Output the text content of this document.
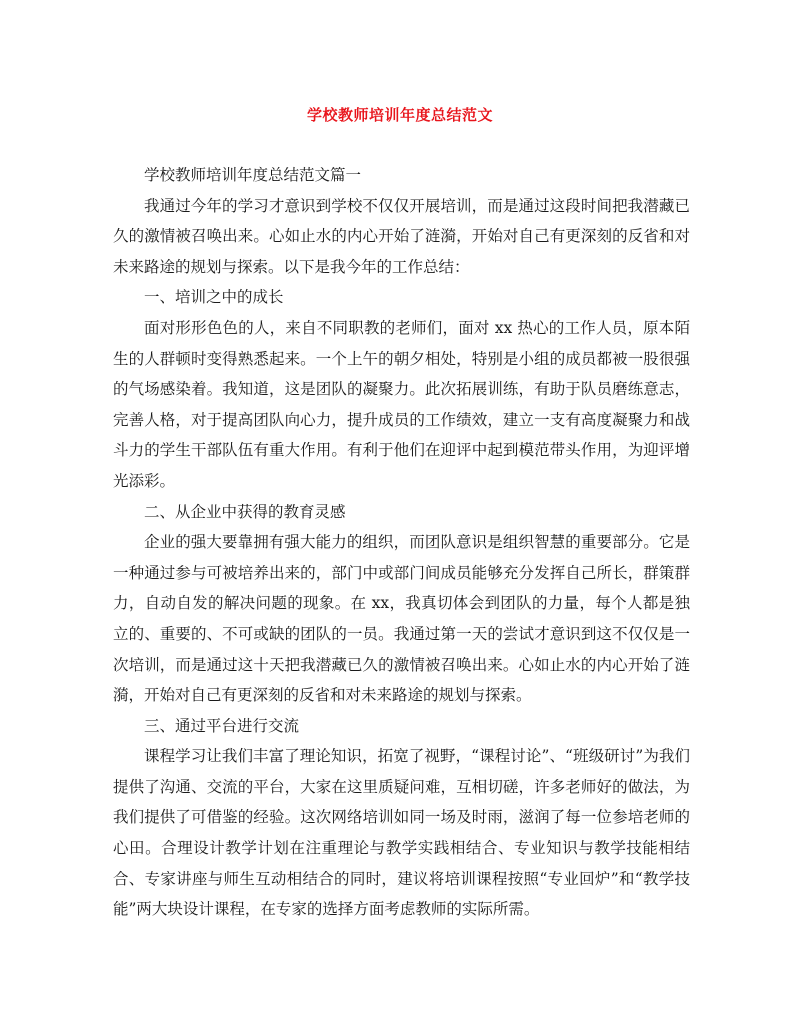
学校教师培训年度总结范文

学校教师培训年度总结范文篇一

我通过今年的学习才意识到学校不仅仅开展培训，而是通过这段时间把我潜藏已久的激情被召唤出来。心如止水的内心开始了涟漪，开始对自己有更深刻的反省和对未来路途的规划与探索。以下是我今年的工作总结：

一、培训之中的成长

面对形形色色的人，来自不同职教的老师们，面对 xx 热心的工作人员，原本陌生的人群顿时变得熟悉起来。一个上午的朝夕相处，特别是小组的成员都被一股很强的气场感染着。我知道，这是团队的凝聚力。此次拓展训练，有助于队员磨练意志，完善人格，对于提高团队向心力，提升成员的工作绩效，建立一支有高度凝聚力和战斗力的学生干部队伍有重大作用。有利于他们在迎评中起到模范带头作用，为迎评增光添彩。

二、从企业中获得的教育灵感

企业的强大要靠拥有强大能力的组织，而团队意识是组织智慧的重要部分。它是一种通过参与可被培养出来的，部门中或部门间成员能够充分发挥自己所长，群策群力，自动自发的解决问题的现象。在 xx，我真切体会到团队的力量，每个人都是独立的、重要的、不可或缺的团队的一员。我通过第一天的尝试才意识到这不仅仅是一次培训，而是通过这十天把我潜藏已久的激情被召唤出来。心如止水的内心开始了涟漪，开始对自己有更深刻的反省和对未来路途的规划与探索。

三、通过平台进行交流

课程学习让我们丰富了理论知识，拓宽了视野，“课程讨论”、“班级研讨”为我们提供了沟通、交流的平台，大家在这里质疑问难，互相切磋，许多老师好的做法，为我们提供了可借鉴的经验。这次网络培训如同一场及时雨，滋润了每一位参培老师的心田。合理设计教学计划在注重理论与教学实践相结合、专业知识与教学技能相结合、专家讲座与师生互动相结合的同时，建议将培训课程按照“专业回炉”和“教学技能”两大块设计课程，在专家的选择方面考虑教师的实际所需。
